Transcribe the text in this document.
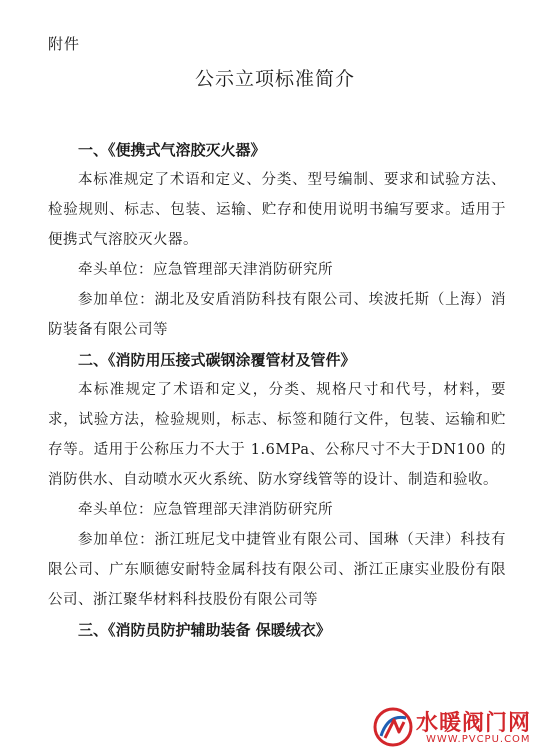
附件
公示立项标准简介
一、《便携式气溶胶灭火器》

本标准规定了术语和定义、分类、型号编制、要求和试验方法、检验规则、标志、包装、运输、贮存和使用说明书编写要求。适用于便携式气溶胶灭火器。

牵头单位：应急管理部天津消防研究所

参加单位：湖北及安盾消防科技有限公司、埃波托斯（上海）消防装备有限公司等

二、《消防用压接式碳钢涂覆管材及管件》

本标准规定了术语和定义，分类、规格尺寸和代号，材料，要求，试验方法，检验规则，标志、标签和随行文件，包装、运输和贮存等。适用于公称压力不大于 1.6MPa、公称尺寸不大于DN100 的消防供水、自动喷水灭火系统、防水穿线管等的设计、制造和验收。

牵头单位：应急管理部天津消防研究所

参加单位：浙江班尼戈中捷管业有限公司、国琳（天津）科技有限公司、广东顺德安耐特金属科技有限公司、浙江正康实业股份有限公司、浙江聚华材料科技股份有限公司等

三、《消防员防护辅助装备 保暖绒衣》
水暖阀门网
WWW.PVCPU.COM
